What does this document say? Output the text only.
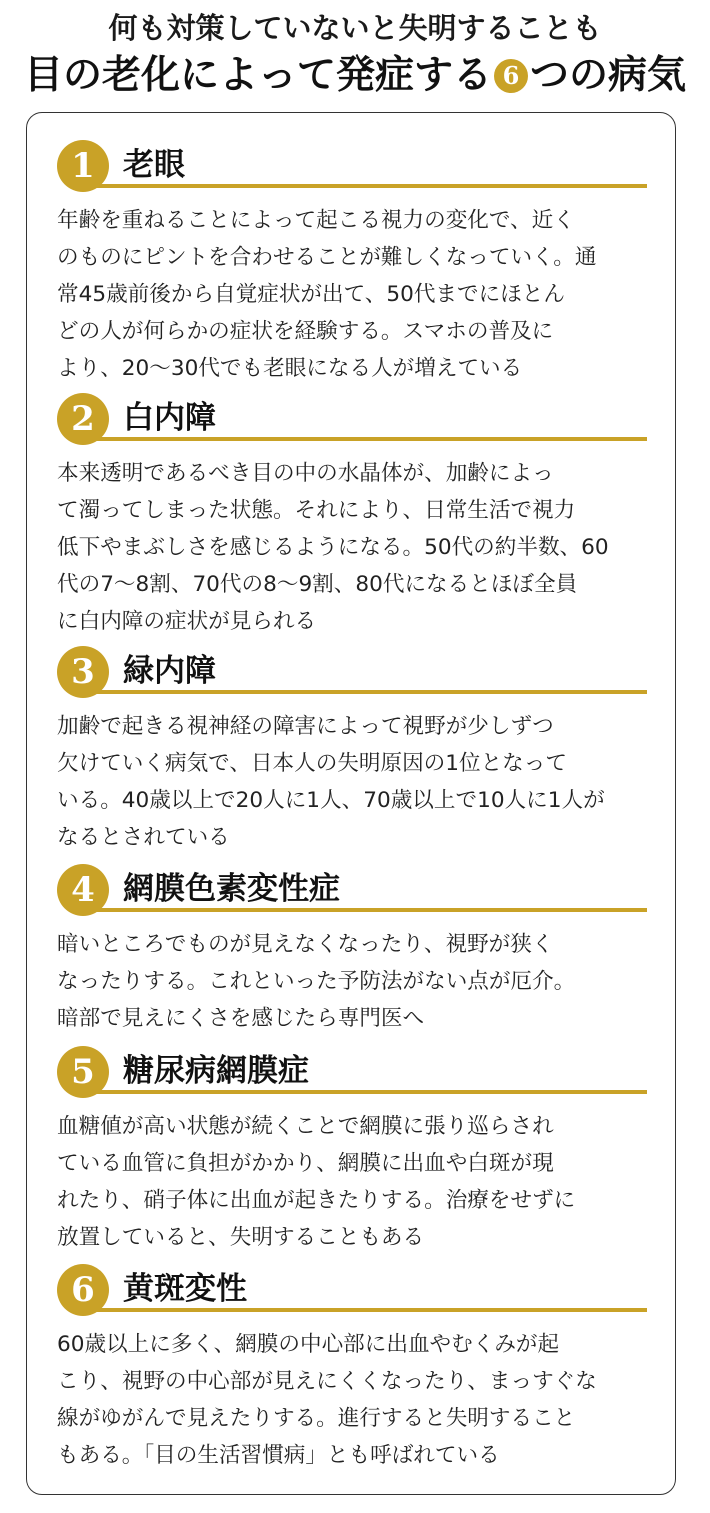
何も対策していないと失明することも
目の老化によって発症する 6 つの病気
1 老眼
年齢を重ねることによって起こる視力の変化で、近く
のものにピントを合わせることが難しくなっていく。通
常45歳前後から自覚症状が出て、50代までにほとん
どの人が何らかの症状を経験する。スマホの普及に
より、20～30代でも老眼になる人が増えている
2 白内障
本来透明であるべき目の中の水晶体が、加齢によっ
て濁ってしまった状態。それにより、日常生活で視力
低下やまぶしさを感じるようになる。50代の約半数、60
代の7～8割、70代の8～9割、80代になるとほぼ全員
に白内障の症状が見られる
3 緑内障
加齢で起きる視神経の障害によって視野が少しずつ
欠けていく病気で、日本人の失明原因の1位となって
いる。40歳以上で20人に1人、70歳以上で10人に1人が
なるとされている
4 網膜色素変性症
暗いところでものが見えなくなったり、視野が狭く
なったりする。これといった予防法がない点が厄介。
暗部で見えにくさを感じたら専門医へ
5 糖尿病網膜症
血糖値が高い状態が続くことで網膜に張り巡らされ
ている血管に負担がかかり、網膜に出血や白斑が現
れたり、硝子体に出血が起きたりする。治療をせずに
放置していると、失明することもある
6 黄斑変性
60歳以上に多く、網膜の中心部に出血やむくみが起
こり、視野の中心部が見えにくくなったり、まっすぐな
線がゆがんで見えたりする。進行すると失明すること
もある。「目の生活習慣病」とも呼ばれている
